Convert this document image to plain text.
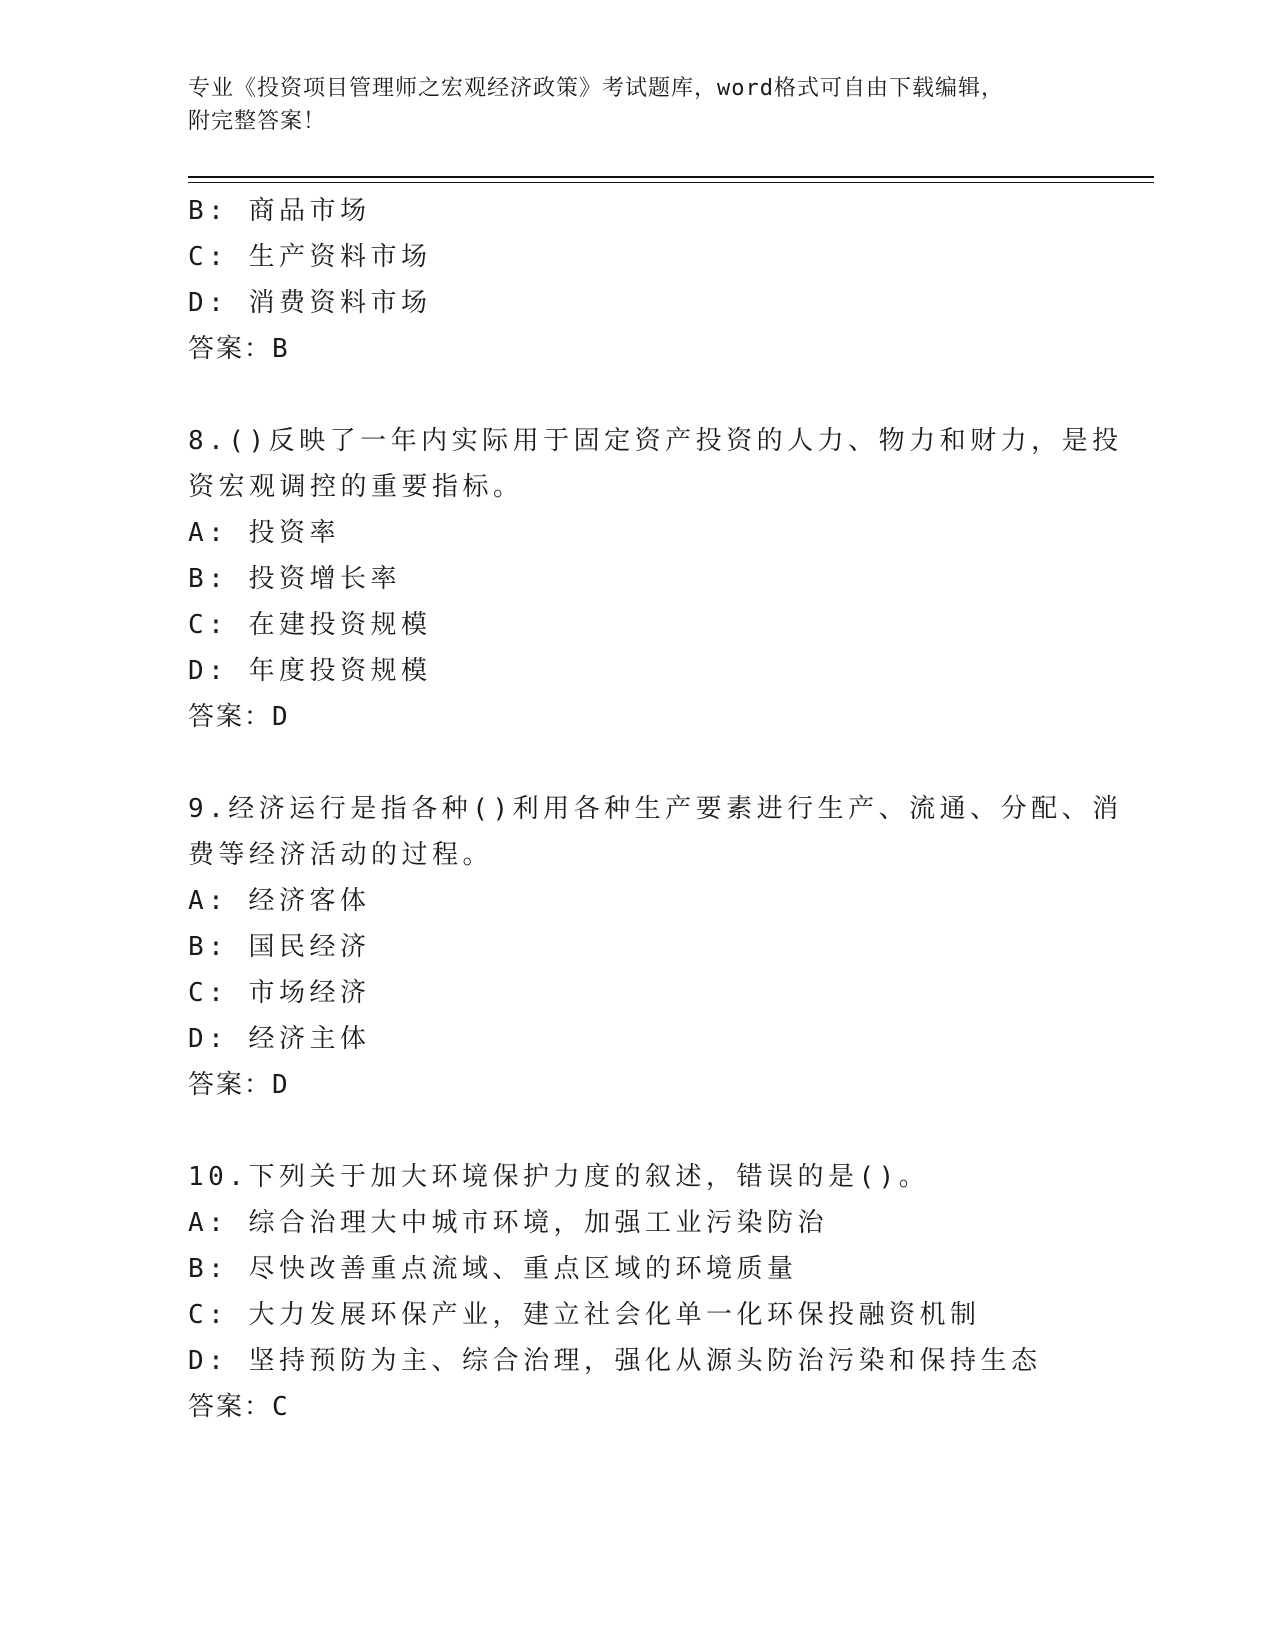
专业《投资项目管理师之宏观经济政策》考试题库，word格式可自由下载编辑，
附完整答案！
B: 商品市场
C: 生产资料市场
D: 消费资料市场
答案：B
8.()反映了一年内实际用于固定资产投资的人力、物力和财力，是投
资宏观调控的重要指标。
A: 投资率
B: 投资增长率
C: 在建投资规模
D: 年度投资规模
答案：D
9.经济运行是指各种()利用各种生产要素进行生产、流通、分配、消
费等经济活动的过程。
A: 经济客体
B: 国民经济
C: 市场经济
D: 经济主体
答案：D
10.下列关于加大环境保护力度的叙述，错误的是()。
A: 综合治理大中城市环境，加强工业污染防治
B: 尽快改善重点流域、重点区域的环境质量
C: 大力发展环保产业，建立社会化单一化环保投融资机制
D: 坚持预防为主、综合治理，强化从源头防治污染和保持生态
答案：C
